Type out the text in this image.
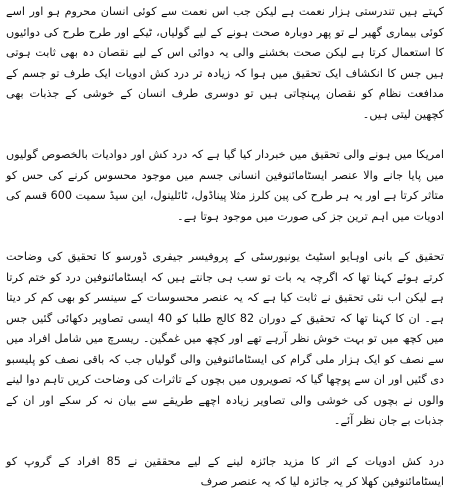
کہتے ہیں تندرستی ہزار نعمت ہے لیکن جب اس نعمت سے کوئی انسان محروم ہو اور اسے کوئی بیماری گھیر لے تو پھر دوبارہ صحت ہونے کے لیے گولیاں، ٹیکے اور طرح طرح کی دوائیوں کا استعمال کرتا ہے لیکن صحت بخشنے والی یہ دوائی اس کے لیے نقصان دہ بھی ثابت ہوتی ہیں جس کا انکشاف ایک تحقیق میں ہوا کہ زیادہ تر درد کش ادویات ایک طرف تو جسم کے مدافعت نظام کو نقصان پہنچاتی ہیں تو دوسری طرف انسان کے خوشی کے جذبات بھی کچھین لیتی ہیں۔

امریکا میں ہونے والی تحقیق میں خبردار کیا گیا ہے کہ درد کش اور دوادیات بالخصوص گولیوں میں پایا جانے والا عنصر ایسٹامائنوفین انسانی جسم میں موجود محسوس کرنے کی حس کو متاثر کرتا ہے اور یہ ہر طرح کی پین کلرز مثلا پیناڈول، ٹائلینول، این سیڈ سمیت 600 قسم کی ادویات میں اہم ترین جز کی صورت میں موجود ہوتا ہے۔

تحقیق کے بانی اوہایو اسٹیٹ یونیورسٹی کے پروفیسر جیفری ڈورسو کا تحقیق کی وضاحت کرتے ہوئے کہنا تھا کہ اگرچہ یہ بات تو سب ہی جانتے ہیں کہ ایسٹامائنوفین درد کو ختم کرتا ہے لیکن اب نئی تحقیق نے ثابت کیا ہے کہ یہ عنصر محسوسات کے سینسر کو بھی کم کر دیتا ہے۔ ان کا کہنا تھا کہ تحقیق کے دوران 82 کالج طلبا کو 40 ایسی تصاویر دکھائی گئیں جس میں کچھ میں تو بہت خوش نظر آرہے تھے اور کچھ میں غمگین۔ ریسرچ میں شامل افراد میں سے نصف کو ایک ہزار ملی گرام کی ایسٹامائنوفین والی گولیاں جب کہ باقی نصف کو پلیسبو دی گئیں اور ان سے پوچھا گیا کہ تصویروں میں بچوں کے تاثرات کی وضاحت کریں تاہم دوا لینے والوں نے بچوں کی خوشی والی تصاویر زیادہ اچھے طریقے سے بیان نہ کر سکے اور ان کے جذبات بے جان نظر آئے۔

درد کش ادویات کے اثر کا مزید جائزہ لینے کے لیے محققین نے 85 افراد کے گروپ کو ایسٹامائنوفین کھلا کر یہ جائزہ لیا کہ یہ عنصر صرف
